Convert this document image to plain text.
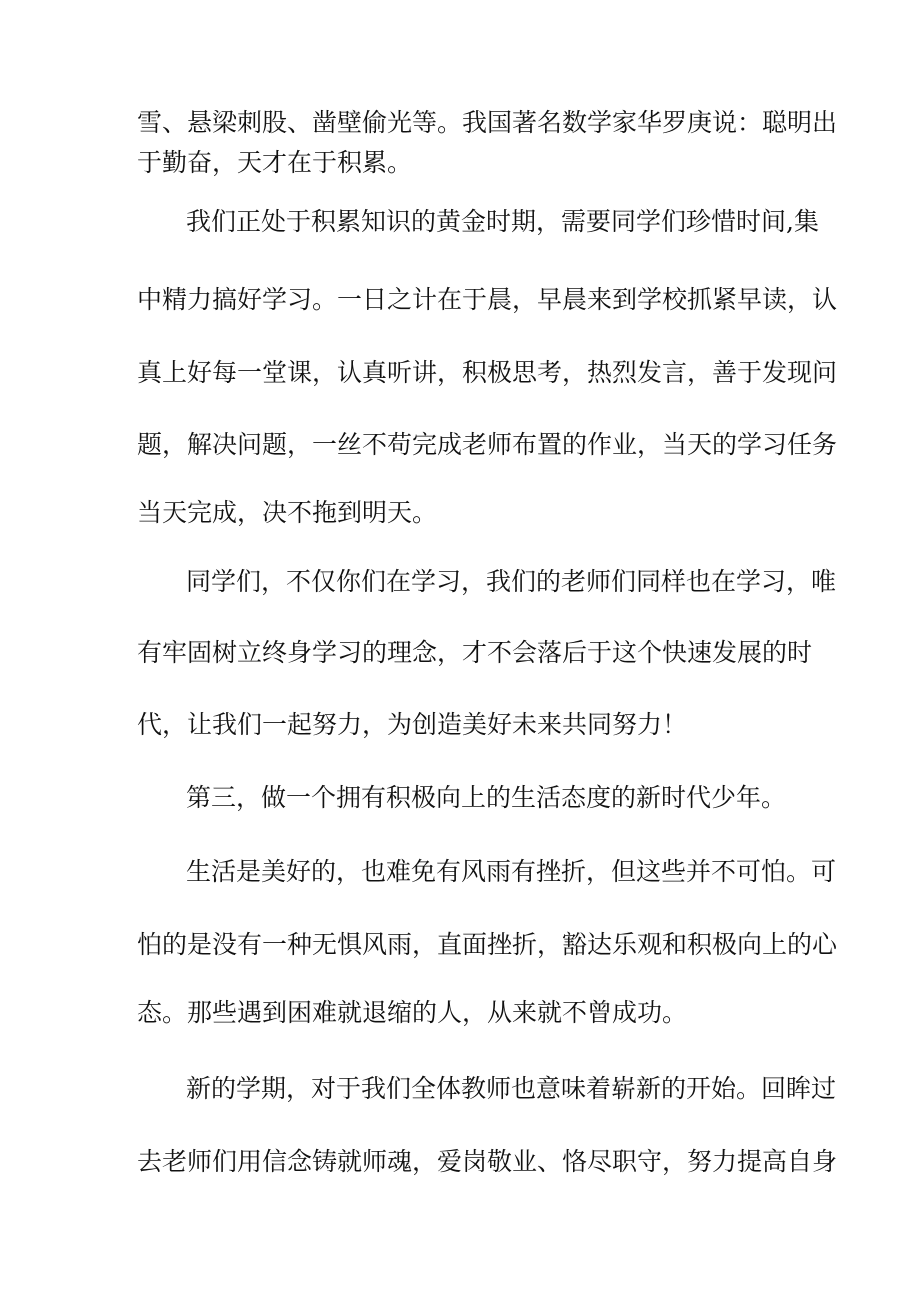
雪、悬梁刺股、凿壁偷光等。我国著名数学家华罗庚说：聪明出

于勤奋，天才在于积累。

我们正处于积累知识的黄金时期，需要同学们珍惜时间,集

中精力搞好学习。一日之计在于晨，早晨来到学校抓紧早读，认

真上好每一堂课，认真听讲，积极思考，热烈发言，善于发现问

题，解决问题，一丝不苟完成老师布置的作业，当天的学习任务

当天完成，决不拖到明天。

同学们，不仅你们在学习，我们的老师们同样也在学习，唯

有牢固树立终身学习的理念，才不会落后于这个快速发展的时

代，让我们一起努力，为创造美好未来共同努力！

第三，做一个拥有积极向上的生活态度的新时代少年。

生活是美好的，也难免有风雨有挫折，但这些并不可怕。可

怕的是没有一种无惧风雨，直面挫折，豁达乐观和积极向上的心

态。那些遇到困难就退缩的人，从来就不曾成功。

新的学期，对于我们全体教师也意味着崭新的开始。回眸过

去老师们用信念铸就师魂，爱岗敬业、恪尽职守，努力提高自身
